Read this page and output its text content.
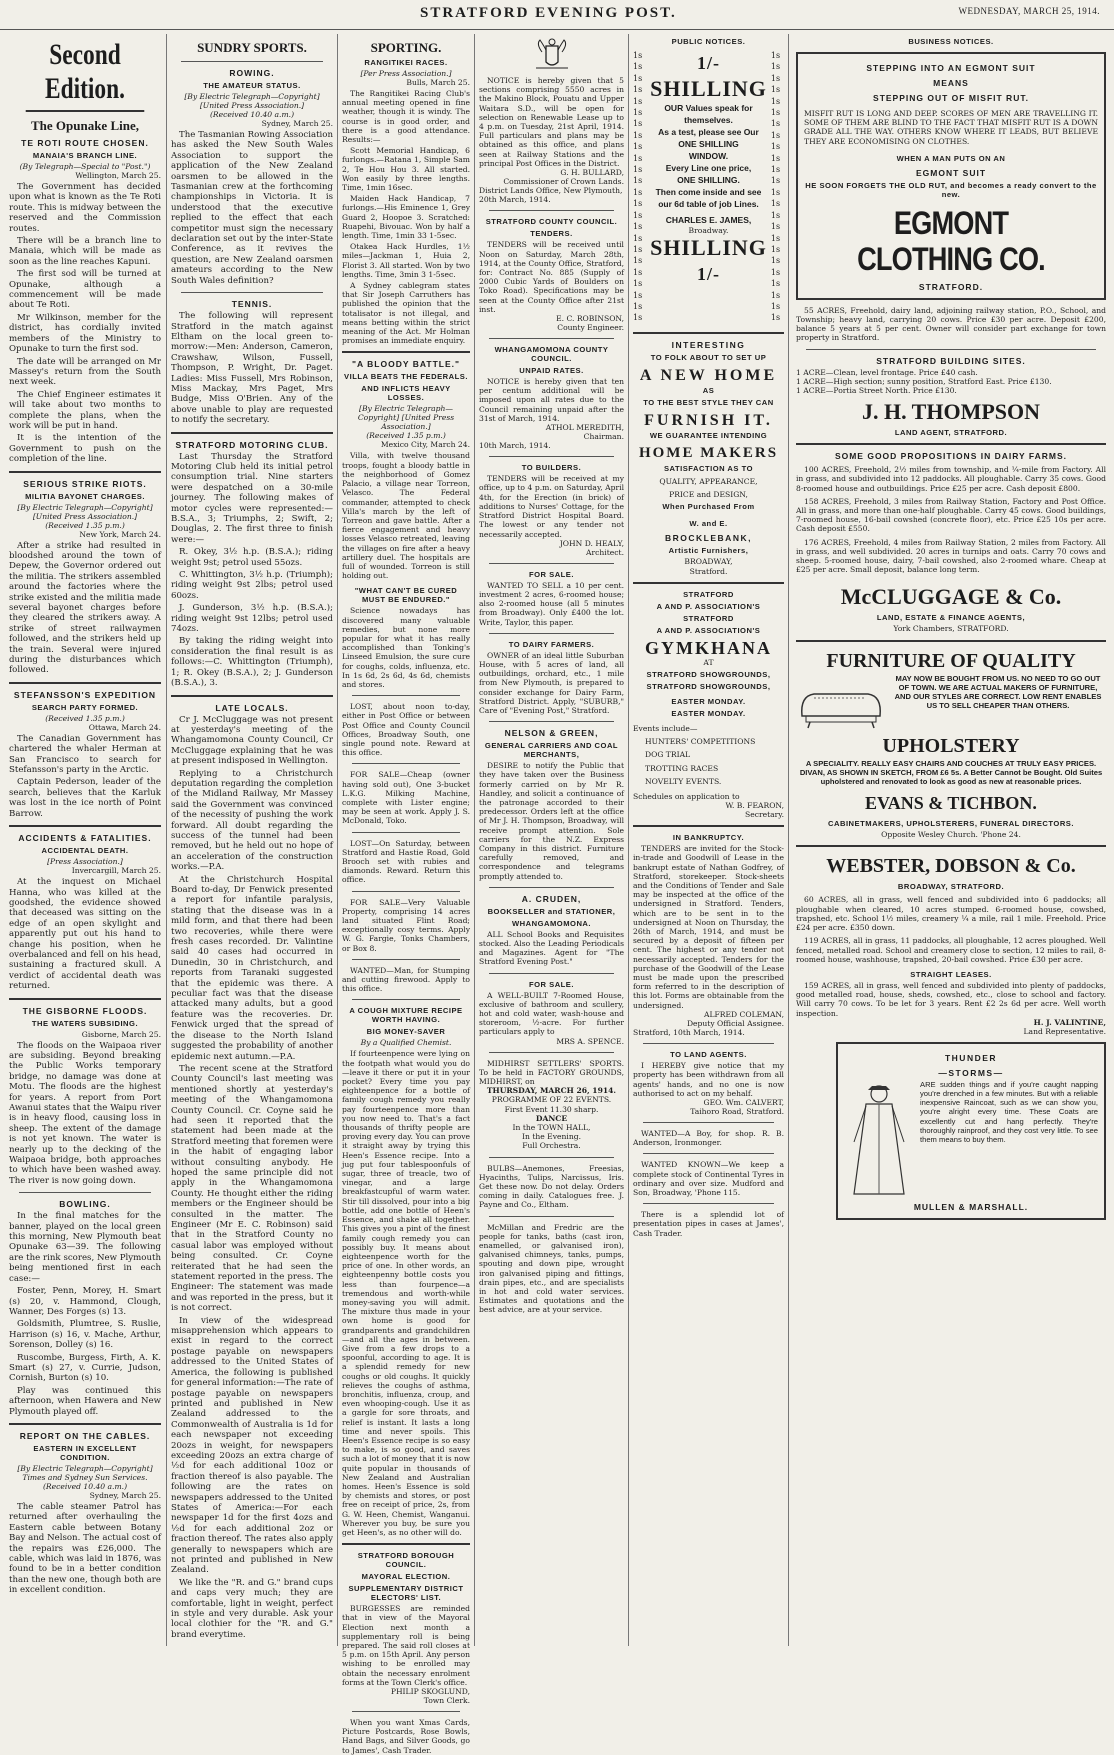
STRATFORD EVENING POST.	WEDNESDAY, MARCH 25, 1914.
Second Edition.
The Opunake Line,
TE ROTI ROUTE CHOSEN.
MANAIA'S BRANCH LINE.
(By Telegraph—Special to "Post.")
Wellington, March 25.

The Government has decided upon what is known as the Te Roti route. This is midway between the reserved and the Commission routes.

There will be a branch line to Manaia, which will be made as soon as the line reaches Kapuni.

The first sod will be turned at Opunake, although a commencement will be made about Te Roti.

Mr Wilkinson, member for the district, has cordially invited members of the Ministry to Opunake to turn the first sod.

The date will be arranged on Mr Massey's return from the South next week.

The Chief Engineer estimates it will take about two months to complete the plans, when the work will be put in hand.

It is the intention of the Government to push on the completion of the line.

SERIOUS STRIKE RIOTS.
MILITIA BAYONET CHARGES.
[By Electric Telegraph—Copyright] [United Press Association.]
(Received 1.35 p.m.)
New York, March 24.

After a strike had resulted in bloodshed around the town of Depew, the Governor ordered out the militia. The strikers assembled around the factories where the strike existed and the militia made several bayonet charges before they cleared the strikers away. A strike of street railwaymen followed, and the strikers held up the train. Several were injured during the disturbances which followed.

STEFANSSON'S EXPEDITION
SEARCH PARTY FORMED.
(Received 1.35 p.m.)
Ottawa, March 24.

The Canadian Government has chartered the whaler Herman at San Francisco to search for Stefansson's party in the Arctic.

Captain Pederson, leader of the search, believes that the Karluk was lost in the ice north of Point Barrow.

ACCIDENTS & FATALITIES.
ACCIDENTAL DEATH.
[Press Association.]
Invercargill, March 25.

At the inquest on Michael Hanna, who was killed at the goodshed, the evidence showed that deceased was sitting on the edge of an open skylight and apparently put out his hand to change his position, when he overbalanced and fell on his head, sustaining a fractured skull. A verdict of accidental death was returned.

THE GISBORNE FLOODS.
THE WATERS SUBSIDING.
Gisborne, March 25.

The floods on the Waipaoa river are subsiding. Beyond breaking the Public Works temporary bridge, no damage was done at Motu. The floods are the highest for years. A report from Port Awanui states that the Waipu river is in heavy flood, causing loss in sheep. The extent of the damage is not yet known. The water is nearly up to the decking of the Waipaoa bridge, both approaches to which have been washed away. The river is now going down.

BOWLING.

In the final matches for the banner, played on the local green this morning, New Plymouth beat Opunake 63—39. The following are the rink scores, New Plymouth being mentioned first in each case:—

Foster, Penn, Morey, H. Smart (s) 20, v. Hammond, Clough, Wanner, Des Forges (s) 13.

Goldsmith, Plumtree, S. Ruslie, Harrison (s) 16, v. Mache, Arthur, Sorenson, Dolley (s) 16.

Ruscombe, Burgess, Firth, A. K. Smart (s) 27, v. Currie, Judson, Cornish, Burton (s) 10.

Play was continued this afternoon, when Hawera and New Plymouth played off.

REPORT ON THE CABLES.
EASTERN IN EXCELLENT CONDITION.
[By Electric Telegraph—Copyright] Times and Sydney Sun Services.
(Received 10.40 a.m.)
Sydney, March 25.

The cable steamer Patrol has returned after overhauling the Eastern cable between Botany Bay and Nelson. The actual cost of the repairs was £26,000. The cable, which was laid in 1876, was found to be in a better condition than the new one, though both are in excellent condition.

SUNDRY SPORTS.
ROWING.
THE AMATEUR STATUS.
[By Electric Telegraph—Copyright] [United Press Association.]
(Received 10.40 a.m.)
Sydney, March 25.

The Tasmanian Rowing Association has asked the New South Wales Association to support the application of the New Zealand oarsmen to be allowed in the Tasmanian crew at the forthcoming championships in Victoria. It is understood that the executive replied to the effect that each competitor must sign the necessary declaration set out by the inter-State Conference, as it revives the question, are New Zealand oarsmen amateurs according to the New South Wales definition?

TENNIS.

The following will represent Stratford in the match against Eltham on the local green to-morrow:—Men: Anderson, Cameron, Crawshaw, Wilson, Fussell, Thompson, P. Wright, Dr. Paget. Ladies: Miss Fussell, Mrs Robinson, Miss Mackay, Mrs Paget, Mrs Budge, Miss O'Brien. Any of the above unable to play are requested to notify the secretary.

STRATFORD MOTORING CLUB.

Last Thursday the Stratford Motoring Club held its initial petrol consumption trial. Nine starters were despatched on a 30-mile journey. The following makes of motor cycles were represented:—B.S.A., 3; Triumphs, 2; Swift, 2; Douglas, 2. The first three to finish were:—

R. Okey, 3½ h.p. (B.S.A.); riding weight 9st; petrol used 55ozs.

C. Whittington, 3½ h.p. (Triumph); riding weight 9st 2lbs; petrol used 60ozs.

J. Gunderson, 3½ h.p. (B.S.A.); riding weight 9st 12lbs; petrol used 74ozs.

By taking the riding weight into consideration the final result is as follows:—C. Whittington (Triumph), 1; R. Okey (B.S.A.), 2; J. Gunderson (B.S.A.), 3.

LATE LOCALS.

Cr J. McCluggage was not present at yesterday's meeting of the Whangamomona County Council, Cr McCluggage explaining that he was at present indisposed in Wellington.

Replying to a Christchurch deputation regarding the completion of the Midland Railway, Mr Massey said the Government was convinced of the necessity of pushing the work forward. All doubt regarding the success of the tunnel had been removed, but he held out no hope of an acceleration of the construction works.—P.A.

At the Christchurch Hospital Board to-day, Dr Fenwick presented a report for infantile paralysis, stating that the disease was in a mild form, and that there had been two recoveries, while there were fresh cases recorded. Dr. Valintine said 40 cases had occurred in Dunedin, 30 in Christchurch, and reports from Taranaki suggested that the epidemic was there. A peculiar fact was that the disease attacked many adults, but a good feature was the recoveries. Dr. Fenwick urged that the spread of the disease to the North Island suggested the probability of another epidemic next autumn.—P.A.

The recent scene at the Stratford County Council's last meeting was mentioned shortly at yesterday's meeting of the Whangamomona County Council. Cr. Coyne said he had seen it reported that the statement had been made at the Stratford meeting that foremen were in the habit of engaging labor without consulting anybody. He hoped the same principle did not apply in the Whangamomona County. He thought either the riding members or the Engineer should be consulted in the matter. The Engineer (Mr E. C. Robinson) said that in the Stratford County no casual labor was employed without being consulted. Cr. Coyne reiterated that he had seen the statement reported in the press. The Engineer: The statement was made and was reported in the press, but it is not correct.

In view of the widespread misapprehension which appears to exist in regard to the correct postage payable on newspapers addressed to the United States of America, the following is published for general information:—The rate of postage payable on newspapers printed and published in New Zealand addressed to the Commonwealth of Australia is 1d for each newspaper not exceeding 20ozs in weight, for newspapers exceeding 20ozs an extra charge of ½d for each additional 10oz or fraction thereof is also payable. The following are the rates on newspapers addressed to the United States of America:—For each newspaper 1d for the first 4ozs and ½d for each additional 2oz or fraction thereof. The rates also apply generally to newspapers which are not printed and published in New Zealand.

We like the "R. and G." brand cups and caps very much; they are comfortable, light in weight, perfect in style and very durable. Ask your local clothier for the "R. and G." brand everytime.

SPORTING.
RANGITIKEI RACES.
[Per Press Association.]
Bulls, March 25.

The Rangitikei Racing Club's annual meeting opened in fine weather, though it is windy. The course is in good order, and there is a good attendance. Results:—

Scott Memorial Handicap, 6 furlongs.—Ratana 1, Simple Sam 2, Te Hou Hou 3. All started. Won easily by three lengths. Time, 1min 16sec.

Maiden Hack Handicap, 7 furlongs.—His Eminence 1, Grey Guard 2, Hoopoe 3. Scratched: Ruapehi, Bivouac. Won by half a length. Time, 1min 33 1-5sec.

Otakea Hack Hurdles, 1½ miles—Jackman 1, Huia 2, Florist 3. All started. Won by two lengths. Time, 3min 3 1-5sec.

A Sydney cablegram states that Sir Joseph Carruthers has published the opinion that the totalisator is not illegal, and means betting within the strict meaning of the Act. Mr Holman promises an immediate enquiry.

"A BLOODY BATTLE."
VILLA BEATS THE FEDERALS.
AND INFLICTS HEAVY LOSSES.
[By Electric Telegraph—Copyright] [United Press Association.]
(Received 1.35 p.m.)
Mexico City, March 24.

Villa, with twelve thousand troops, fought a bloody battle in the neighborhood of Gomez Palacio, a village near Torreon, Velasco. The Federal commander, attempted to check Villa's march by the left of Torreon and gave battle. After a fierce engagement and heavy losses Velasco retreated, leaving the villages on fire after a heavy artillery duel. The hospitals are full of wounded. Torreon is still holding out.

"WHAT CAN'T BE CURED MUST BE ENDURED."

Science nowadays has discovered many valuable remedies, but none more popular for what it has really accomplished than Tonking's Linseed Emulsion, the sure cure for coughs, colds, influenza, etc. In 1s 6d, 2s 6d, 4s 6d, chemists and stores.

LOST, about noon to-day, either in Post Office or between Post Office and County Council Offices, Broadway South, one single pound note. Reward at this office.

FOR SALE—Cheap (owner having sold out), One 3-bucket L.K.G. Milking Machine, complete with Lister engine; may be seen at work. Apply J. S. McDonald, Toko.

LOST—On Saturday, between Stratford and Hastie Road, Gold Brooch set with rubies and diamonds. Reward. Return this office.

FOR SALE—Very Valuable Property, comprising 14 acres land situated Flint Road; exceptionally cosy terms. Apply W. G. Fargie, Tonks Chambers, or Box 8.

WANTED—Man, for Stumping and cutting firewood. Apply to this office.

A COUGH MIXTURE RECIPE WORTH HAVING.
BIG MONEY-SAVER
By a Qualified Chemist.

If fourteenpence were lying on the footpath what would you do—leave it there or put it in your pocket? Every time you pay eighteenpence for a bottle of family cough remedy you really pay fourteenpence more than you now need to. That's a fact thousands of thrifty people are proving every day. You can prove it straight away by trying this Heen's Essence recipe. Into a jug put four tablespoonfuls of sugar, three of treacle, two of vinegar, and a large breakfastcupful of warm water. Stir till dissolved, pour into a big bottle, add one bottle of Heen's Essence, and shake all together. This gives you a pint of the finest family cough remedy you can possibly buy. It means about eighteenpence worth for the price of one. In other words, an eighteenpenny bottle costs you less than fourpence—a tremendous and worth-while money-saving you will admit. The mixture thus made in your own home is good for grandparents and grandchildren—and all the ages in between. Give from a few drops to a spoonful, according to age. It is a splendid remedy for new coughs or old coughs. It quickly relieves the coughs of asthma, bronchitis, influenza, croup, and even whooping-cough. Use it as a gargle for sore throats, and relief is instant. It lasts a long time and never spoils. This Heen's Essence recipe is so easy to make, is so good, and saves such a lot of money that it is now quite popular in thousands of New Zealand and Australian homes. Heen's Essence is sold by chemists and stores, or post free on receipt of price, 2s, from G. W. Heen, Chemist, Wanganui. Wherever you buy, be sure you get Heen's, as no other will do.

STRATFORD BOROUGH COUNCIL.
MAYORAL ELECTION.
SUPPLEMENTARY DISTRICT ELECTORS' LIST.

BURGESSES are reminded that in view of the Mayoral Election next month a supplementary roll is being prepared. The said roll closes at 5 p.m. on 15th April. Any person wishing to be enrolled may obtain the necessary enrolment forms at the Town Clerk's office.

PHILIP SKOGLUND,
Town Clerk.

When you want Xmas Cards, Picture Postcards, Rose Bowls, Hand Bags, and Silver Goods, go to James', Cash Trader.

NOTICE is hereby given that 5 sections comprising 5550 acres in the Makino Block, Pouatu and Upper Waitara S.D., will be open for selection on Renewable Lease up to 4 p.m. on Tuesday, 21st April, 1914. Full particulars and plans may be obtained as this office, and plans seen at Railway Stations and the principal Post Offices in the District.

G. H. BULLARD,
Commissioner of Crown Lands.
District Lands Office, New Plymouth, 20th March, 1914.
STRATFORD COUNTY COUNCIL.
TENDERS.

TENDERS will be received until Noon on Saturday, March 28th, 1914, at the County Office, Stratford, for: Contract No. 885 (Supply of 2000 Cubic Yards of Boulders on Toko Road). Specifications may be seen at the County Office after 21st inst.

E. C. ROBINSON,
County Engineer.
WHANGAMOMONA COUNTY COUNCIL.
UNPAID RATES.

NOTICE is hereby given that ten per centum additional will be imposed upon all rates due to the Council remaining unpaid after the 31st of March, 1914.

ATHOL MEREDITH,
Chairman.
10th March, 1914.
TO BUILDERS.

TENDERS will be received at my office, up to 4 p.m. on Saturday, April 4th, for the Erection (in brick) of additions to Nurses' Cottage, for the Stratford District Hospital Board. The lowest or any tender not necessarily accepted.

JOHN D. HEALY,
Architect.
FOR SALE.

WANTED TO SELL a 10 per cent. investment 2 acres, 6-roomed house; also 2-roomed house (all 5 minutes from Broadway). Only £400 the lot. Write, Taylor, this paper.

TO DAIRY FARMERS.

OWNER of an ideal little Suburban House, with 5 acres of land, all outbuildings, orchard, etc., 1 mile from New Plymouth, is prepared to consider exchange for Dairy Farm, Stratford District. Apply, "SUBURB," Care of "Evening Post," Stratford.

NELSON & GREEN,
GENERAL CARRIERS AND COAL MERCHANTS,

DESIRE to notify the Public that they have taken over the Business formerly carried on by Mr R. Handley, and solicit a continuance of the patronage accorded to their predecessor. Orders left at the office of Mr J. H. Thompson, Broadway, will receive prompt attention. Sole carriers for the N.Z. Express Company in this district. Furniture carefully removed, and correspondence and telegrams promptly attended to.

A. CRUDEN,
BOOKSELLER and STATIONER,
WHANGAMOMONA.

ALL School Books and Requisites stocked. Also the Leading Periodicals and Magazines. Agent for "The Stratford Evening Post."

FOR SALE.

A WELL-BUILT 7-Roomed House, exclusive of bathroom and scullery, hot and cold water, wash-house and storeroom, ½-acre. For further particulars apply to

MRS A. SPENCE.

MIDHIRST SETTLERS' SPORTS. To be held in FACTORY GROUNDS, MIDHIRST, on

THURSDAY, MARCH 26, 1914.
PROGRAMME OF 22 EVENTS.
First Event 11.30 sharp.
DANCE
In the TOWN HALL,
In the Evening.
Full Orchestra.

BULBS—Anemones, Freesias, Hyacinths, Tulips, Narcissus, Iris. Get these now. Do not delay. Orders coming in daily. Catalogues free. J. Payne and Co., Eltham.

McMillan and Fredric are the people for tanks, baths (cast iron, enamelled, or galvanised iron), galvanised chimneys, tanks, pumps, spouting and down pipe, wrought iron galvanised piping and fittings, drain pipes, etc., and are specialists in hot and cold water services. Estimates and quotations and the best advice, are at your service.

PUBLIC NOTICES.
1s
1s
1s
1s
1s
1s
1s
1s
1s
1s
1s
1s
1s
1s
1s
1s
1s
1s
1s
1s
1s
1s
1s
1s
1/-
SHILLING
OUR Values speak for themselves.
As a test, please see Our
ONE SHILLING
WINDOW.
Every Line one price,
ONE SHILLING.
Then come inside and see our 6d table of job Lines.
CHARLES E. JAMES,
Broadway.
SHILLING
1/-
1s
1s
1s
1s
1s
1s
1s
1s
1s
1s
1s
1s
1s
1s
1s
1s
1s
1s
1s
1s
1s
1s
1s
1s
INTERESTING
TO FOLK ABOUT TO SET UP
A NEW HOME
AS
TO THE BEST STYLE THEY CAN
FURNISH IT.
WE GUARANTEE INTENDING
HOME MAKERS
SATISFACTION AS TO
QUALITY, APPEARANCE,
PRICE and DESIGN,
When Purchased From
W. and E.
BROCKLEBANK,
Artistic Furnishers,
BROADWAY,
Stratford.
STRATFORD
A AND P. ASSOCIATION'S
STRATFORD
A AND P. ASSOCIATION'S
GYMKHANA
AT
STRATFORD SHOWGROUNDS,
STRATFORD SHOWGROUNDS,
EASTER MONDAY.
EASTER MONDAY.
Events include—
HUNTERS' COMPETITIONS
DOG TRIAL
TROTTING RACES
NOVELTY EVENTS.
Schedules on application to
W. B. FEARON,
Secretary.
IN BANKRUPTCY.

TENDERS are invited for the Stock-in-trade and Goodwill of Lease in the bankrupt estate of Nathan Godfrey, of Stratford, storekeeper. Stock-sheets and the Conditions of Tender and Sale may be inspected at the office of the undersigned in Stratford. Tenders, which are to be sent in to the undersigned at Noon on Thursday, the 26th of March, 1914, and must be secured by a deposit of fifteen per cent. The highest or any tender not necessarily accepted. Tenders for the purchase of the Goodwill of the Lease must be made upon the prescribed form referred to in the description of this lot. Forms are obtainable from the undersigned.

ALFRED COLEMAN,
Deputy Official Assignee.
Stratford, 10th March, 1914.
TO LAND AGENTS.

I HEREBY give notice that my property has been withdrawn from all agents' hands, and no one is now authorised to act on my behalf.

GEO. Wm. CALVERT,
Taihoro Road, Stratford.

WANTED—A Boy, for shop. R. B. Anderson, Ironmonger.

WANTED KNOWN—We keep a complete stock of Continental Tyres in ordinary and over size. Mudford and Son, Broadway, 'Phone 115.

There is a splendid lot of presentation pipes in cases at James', Cash Trader.

BUSINESS NOTICES.
STEPPING INTO AN EGMONT SUIT
MEANS
STEPPING OUT OF MISFIT RUT.

MISFIT RUT IS LONG AND DEEP. SCORES OF MEN ARE TRAVELLING IT. SOME OF THEM ARE BLIND TO THE FACT THAT MISFIT RUT IS A DOWN GRADE ALL THE WAY. OTHERS KNOW WHERE IT LEADS, BUT BELIEVE THEY ARE ECONOMISING ON CLOTHES.

WHEN A MAN PUTS ON AN
EGMONT SUIT
HE SOON FORGETS THE OLD RUT, and becomes a ready convert to the new.
EGMONT CLOTHING CO.
STRATFORD.

55 ACRES, Freehold, dairy land, adjoining railway station, P.O., School, and Township; heavy land, carrying 20 cows. Price £30 per acre. Deposit £200, balance 5 years at 5 per cent. Owner will consider part exchange for town property in Stratford.

STRATFORD BUILDING SITES.
1 ACRE—Clean, level frontage. Price £40 cash.
1 ACRE—High section; sunny position, Stratford East. Price £130.
1 ACRE—Portia Street North. Price £130.
J. H. THOMPSON
LAND AGENT, STRATFORD.
SOME GOOD PROPOSITIONS IN DAIRY FARMS.

100 ACRES, Freehold, 2½ miles from township, and ¼-mile from Factory. All in grass, and subdivided into 12 paddocks. All ploughable. Carry 35 cows. Good 8-roomed house and outbuildings. Price £25 per acre. Cash deposit £800.

158 ACRES, Freehold, 3 miles from Railway Station, Factory and Post Office. All in grass, and more than one-half ploughable. Carry 45 cows. Good buildings, 7-roomed house, 16-bail cowshed (concrete floor), etc. Price £25 10s per acre. Cash deposit £550.

176 ACRES, Freehold, 4 miles from Railway Station, 2 miles from Factory. All in grass, and well subdivided. 20 acres in turnips and oats. Carry 70 cows and sheep. 5-roomed house, dairy, 7-bail cowshed, also 2-roomed whare. Cheap at £25 per acre. Small deposit, balance long term.

McCLUGGAGE & Co.
LAND, ESTATE & FINANCE AGENTS,
York Chambers, STRATFORD.
FURNITURE OF QUALITY

MAY NOW BE BOUGHT FROM US. NO NEED TO GO OUT OF TOWN. WE ARE ACTUAL MAKERS OF FURNITURE, AND OUR STYLES ARE CORRECT. LOW RENT ENABLES US TO SELL CHEAPER THAN OTHERS.

UPHOLSTERY

A SPECIALITY. REALLY EASY CHAIRS AND COUCHES AT TRULY EASY PRICES. DIVAN, AS SHOWN IN SKETCH, FROM £6 5s. A Better Cannot be Bought. Old Suites upholstered and renovated to look as good as new at reasonable prices.

EVANS & TICHBON.
CABINETMAKERS, UPHOLSTERERS, FUNERAL DIRECTORS.
Opposite Wesley Church. 'Phone 24.
WEBSTER, DOBSON & Co.
BROADWAY, STRATFORD.

60 ACRES, all in grass, well fenced and subdivided into 6 paddocks; all ploughable when cleared, 10 acres stumped. 6-roomed house, cowshed, trapshed, etc. School 1½ miles, creamery ¼ a mile, rail 1 mile. Freehold. Price £24 per acre. £350 down.

119 ACRES, all in grass, 11 paddocks, all ploughable, 12 acres ploughed. Well fenced, metalled road. School and creamery close to section, 12 miles to rail, 8-roomed house, washhouse, trapshed, 20-bail cowshed. Price £30 per acre.

STRAIGHT LEASES.

159 ACRES, all in grass, well fenced and subdivided into plenty of paddocks, good metalled road, house, sheds, cowshed, etc., close to school and factory. Will carry 70 cows. To be let for 3 years. Rent £2 2s 6d per acre. Well worth inspection.

H. J. VALINTINE,
Land Representative.
THUNDER
—STORMS—

ARE sudden things and if you're caught napping you're drenched in a few minutes. But with a reliable inexpensive Raincoat, such as we can show you, you're alright every time. These Coats are excellently cut and hang perfectly. They're thoroughly rainproof, and they cost very little. To see them means to buy them.

MULLEN & MARSHALL.
